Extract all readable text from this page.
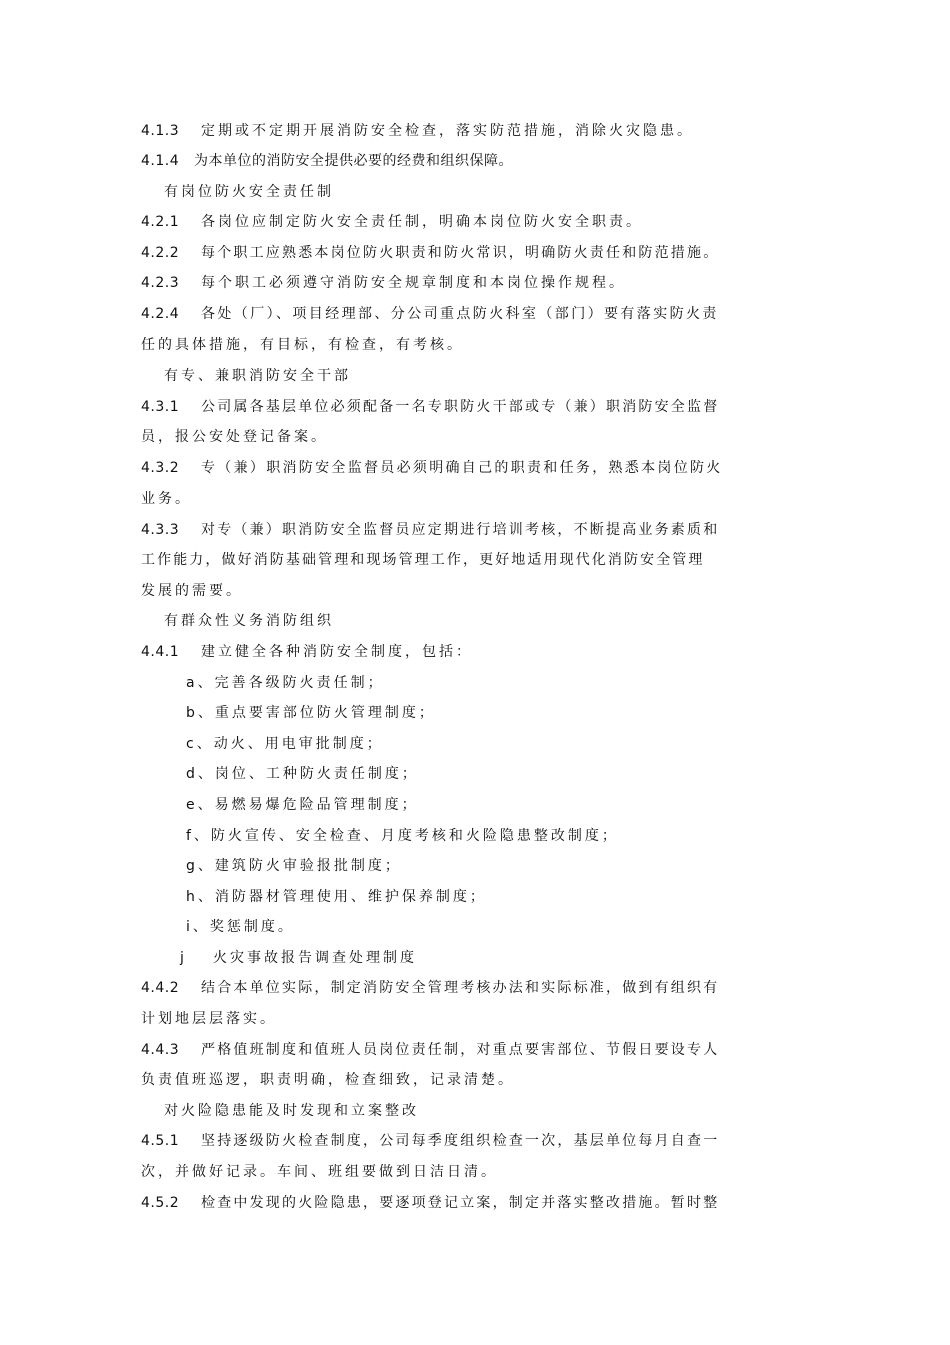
4.1.3 定期或不定期开展消防安全检查，落实防范措施，消除火灾隐患。
4.1.4 为本单位的消防安全提供必要的经费和组织保障。
有岗位防火安全责任制
4.2.1 各岗位应制定防火安全责任制，明确本岗位防火安全职责。
4.2.2 每个职工应熟悉本岗位防火职责和防火常识，明确防火责任和防范措施。
4.2.3 每个职工必须遵守消防安全规章制度和本岗位操作规程。
4.2.4 各处（厂）、项目经理部、分公司重点防火科室（部门）要有落实防火责
任的具体措施，有目标，有检查，有考核。
有专、兼职消防安全干部
4.3.1 公司属各基层单位必须配备一名专职防火干部或专（兼）职消防安全监督
员，报公安处登记备案。
4.3.2 专（兼）职消防安全监督员必须明确自己的职责和任务，熟悉本岗位防火
业务。
4.3.3 对专（兼）职消防安全监督员应定期进行培训考核，不断提高业务素质和
工作能力，做好消防基础管理和现场管理工作，更好地适用现代化消防安全管理
发展的需要。
有群众性义务消防组织
4.4.1 建立健全各种消防安全制度，包括：
a、完善各级防火责任制；
b、重点要害部位防火管理制度；
c、动火、用电审批制度；
d、岗位、工种防火责任制度；
e、易燃易爆危险品管理制度；
f、防火宣传、安全检查、月度考核和火险隐患整改制度；
g、建筑防火审验报批制度；
h、消防器材管理使用、维护保养制度；
i、奖惩制度。
j 火灾事故报告调查处理制度
4.4.2 结合本单位实际，制定消防安全管理考核办法和实际标准，做到有组织有
计划地层层落实。
4.4.3 严格值班制度和值班人员岗位责任制，对重点要害部位、节假日要设专人
负责值班巡逻，职责明确，检查细致，记录清楚。
对火险隐患能及时发现和立案整改
4.5.1 坚持逐级防火检查制度，公司每季度组织检查一次，基层单位每月自查一
次，并做好记录。车间、班组要做到日洁日清。
4.5.2 检查中发现的火险隐患，要逐项登记立案，制定并落实整改措施。暂时整
